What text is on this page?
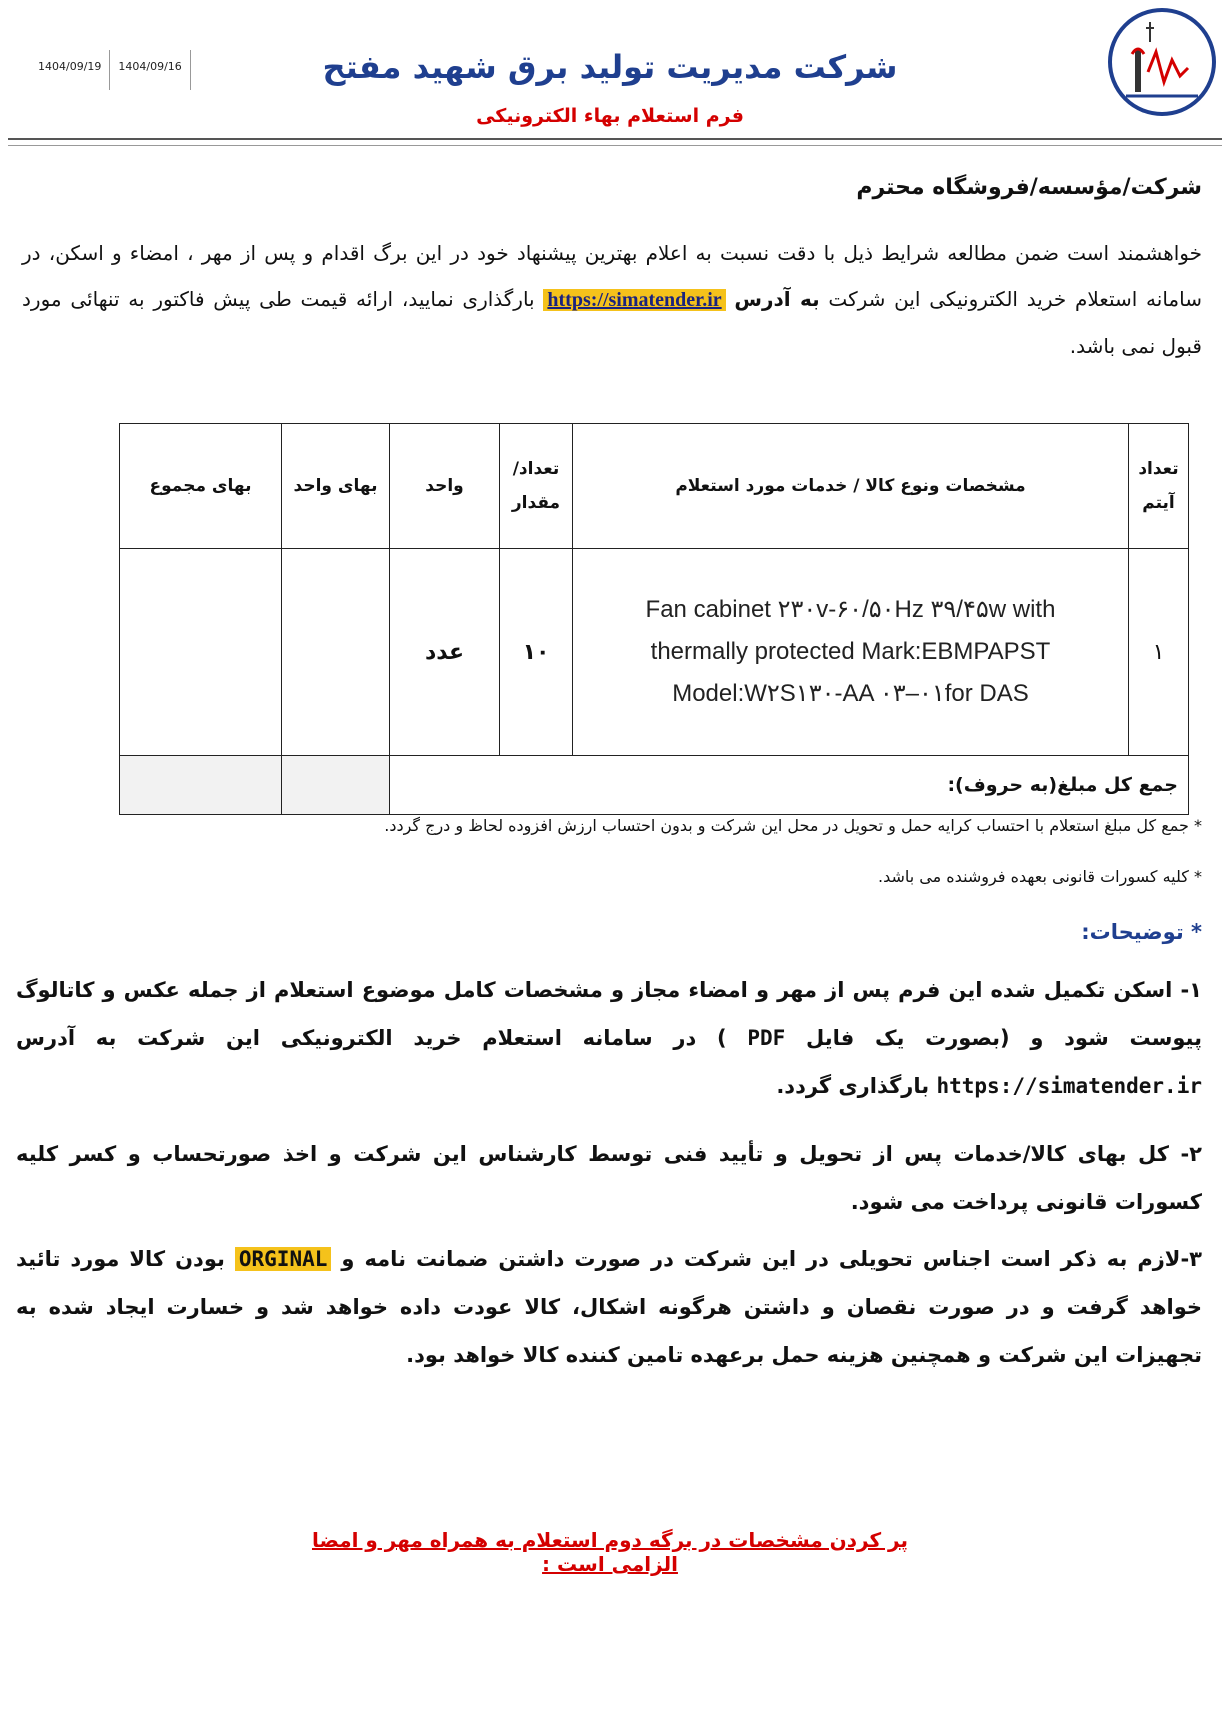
1404/09/19	1404/09/16	شرکت مدیریت تولید برق شهید مفتح
فرم استعلام بهاء الکترونیکی
شرکت/مؤسسه/فروشگاه محترم
خواهشمند است ضمن مطالعه شرایط ذیل با دقت نسبت به اعلام بهترین پیشنهاد خود در این برگ اقدام و پس از مهر ، امضاء و اسکن، در سامانه استعلام خرید الکترونیکی این شرکت به آدرس https://simatender.ir بارگذاری نمایید، ارائه قیمت طی پیش فاکتور به تنهائی مورد قبول نمی باشد.
تعداد آیتم	مشخصات ونوع کالا / خدمات مورد استعلام	تعداد/ مقدار	واحد	بهای واحد	بهای مجموع
۱	Fan cabinet ۲۳۰v-۶۰/۵۰Hz ۳۹/۴۵w with thermally protected Mark:EBMPAPST Model:W۲S۱۳۰-AA ۰۳–۰۱for DAS	۱۰	عدد		
جمع کل مبلغ(به حروف):					
* جمع کل مبلغ استعلام با احتساب کرایه حمل و تحویل در محل این شرکت و بدون احتساب ارزش افزوده لحاظ و درج گردد.
* کلیه کسورات قانونی بعهده فروشنده می باشد.
* توضیحات:
۱- اسکن تکمیل شده این فرم پس از مهر و امضاء مجاز و مشخصات کامل موضوع استعلام از جمله عکس و کاتالوگ پیوست شود و (بصورت یک فایل PDF ) در سامانه استعلام خرید الکترونیکی این شرکت به آدرس https://simatender.ir بارگذاری گردد.
۲- کل بهای کالا/خدمات پس از تحویل و تأیید فنی توسط کارشناس این شرکت و اخذ صورتحساب و کسر کلیه کسورات قانونی پرداخت می شود.
۳-لازم به ذکر است اجناس تحویلی در این شرکت در صورت داشتن ضمانت نامه و ORGINAL بودن کالا مورد تائید خواهد گرفت و در صورت نقصان و داشتن هرگونه اشکال، کالا عودت داده خواهد شد و خسارت ایجاد شده به تجهیزات این شرکت و همچنین هزینه حمل برعهده تامین کننده کالا خواهد بود.
پر کردن مشخصات در برگه دوم استعلام به همراه مهر و امضا الزامی است :
